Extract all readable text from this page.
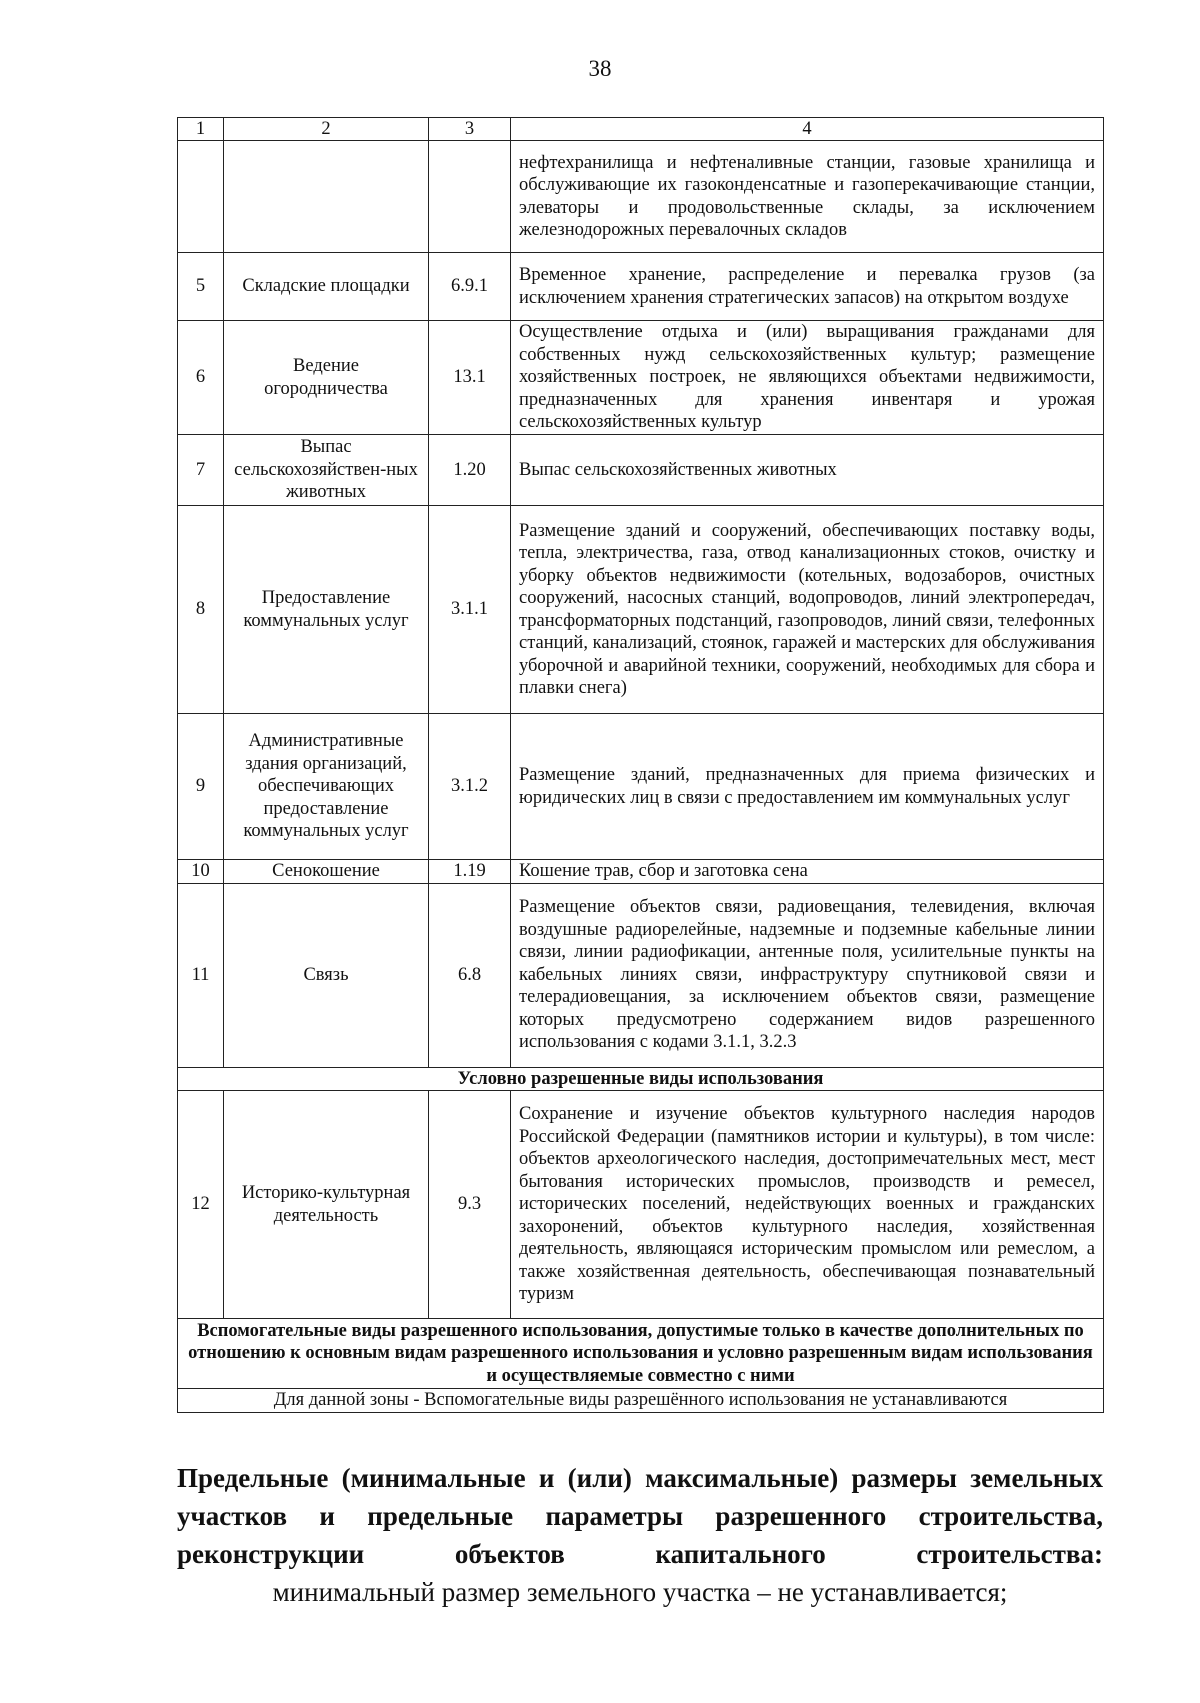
38
1	2	3	4
			нефтехранилища и нефтеналивные станции, газовые хранилища и обслуживающие их газоконденсатные и газоперекачивающие станции, элеваторы и продовольственные склады, за исключением железнодорожных перевалочных складов
5	Складские площадки	6.9.1	Временное хранение, распределение и перевалка грузов (за исключением хранения стратегических запасов) на открытом воздухе
6	Ведение огородничества	13.1	Осуществление отдыха и (или) выращивания гражданами для собственных нужд сельскохозяйственных культур; размещение хозяйственных построек, не являющихся объектами недвижимости, предназначенных для хранения инвентаря и урожая сельскохозяйственных культур
7	Выпас сельскохозяйствен-ных животных	1.20	Выпас сельскохозяйственных животных
8	Предоставление коммунальных услуг	3.1.1	Размещение зданий и сооружений, обеспечивающих поставку воды, тепла, электричества, газа, отвод канализационных стоков, очистку и уборку объектов недвижимости (котельных, водозаборов, очистных сооружений, насосных станций, водопроводов, линий электропередач, трансформаторных подстанций, газопроводов, линий связи, телефонных станций, канализаций, стоянок, гаражей и мастерских для обслуживания уборочной и аварийной техники, сооружений, необходимых для сбора и плавки снега)
9	Административные здания организаций, обеспечивающих предоставление коммунальных услуг	3.1.2	Размещение зданий, предназначенных для приема физических и юридических лиц в связи с предоставлением им коммунальных услуг
10	Сенокошение	1.19	Кошение трав, сбор и заготовка сена
11	Связь	6.8	Размещение объектов связи, радиовещания, телевидения, включая воздушные радиорелейные, надземные и подземные кабельные линии связи, линии радиофикации, антенные поля, усилительные пункты на кабельных линиях связи, инфраструктуру спутниковой связи и телерадиовещания, за исключением объектов связи, размещение которых предусмотрено содержанием видов разрешенного использования с кодами 3.1.1, 3.2.3
Условно разрешенные виды использования			
12	Историко-культурная деятельность	9.3	Сохранение и изучение объектов культурного наследия народов Российской Федерации (памятников истории и культуры), в том числе: объектов археологического наследия, достопримечательных мест, мест бытования исторических промыслов, производств и ремесел, исторических поселений, недействующих военных и гражданских захоронений, объектов культурного наследия, хозяйственная деятельность, являющаяся историческим промыслом или ремеслом, а также хозяйственная деятельность, обеспечивающая познавательный туризм
Вспомогательные виды разрешенного использования, допустимые только в качестве дополнительных по отношению к основным видам разрешенного использования и условно разрешенным видам использования и осуществляемые совместно с ними			
Для данной зоны - Вспомогательные виды разрешённого использования не устанавливаются			
Предельные (минимальные и (или) максимальные) размеры земельных участков и предельные параметры разрешенного строительства, реконструкции объектов капитального строительства:
минимальный размер земельного участка – не устанавливается;
